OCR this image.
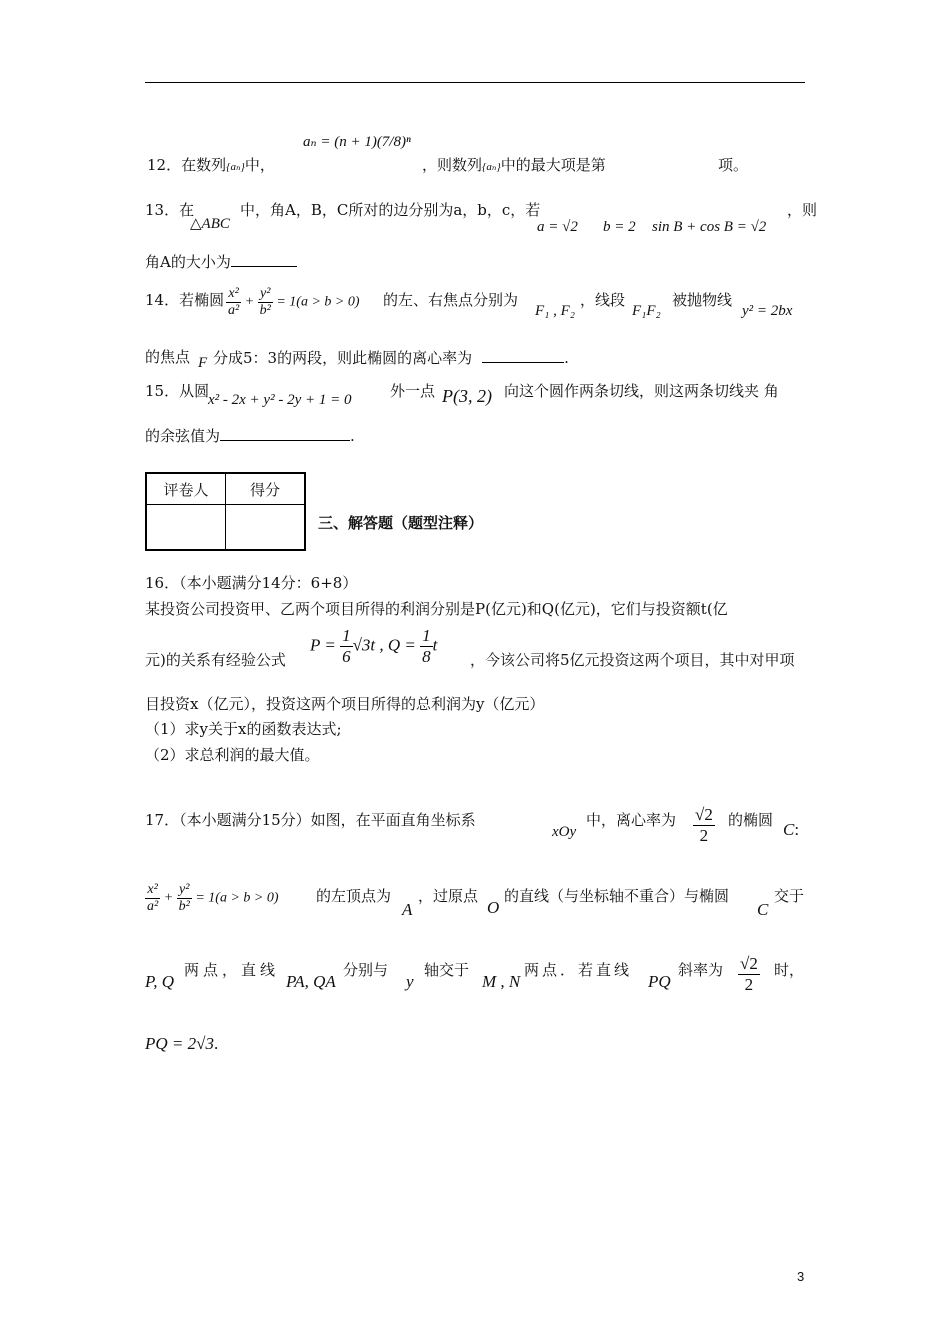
12．在数列{aₙ}中，
aₙ = (n + 1)(7/8)ⁿ
，则数列{aₙ}中的最大项是第	项。
13．在
△ABC
中，角A，B，C所对的边分别为a，b，c，若
a = √2 b = 2 sin B + cos B = √2
，则
角A的大小为
14．若椭圆 $\frac{\text{x²}}{\text{a²}} + \frac{\text{y²}}{\text{b²}} = 1(a > b > 0)$ 的左、右焦点分别为
F₁ , F₂
，线段
F₁F₂
被抛物线
y² = 2bx
的焦点 F 分成5：3的两段，则此椭圆的离心率为	.
15．从圆
x² - 2x + y² - 2y + 1 = 0	外一点 P(3, 2) 向这个圆作两条切线，则这两条切线夹 角
的余弦值为	.
评卷人	得分

三、解答题（题型注释）
16．（本小题满分14分：6+8）
某投资公司投资甲、乙两个项目所得的利润分别是P(亿元)和Q(亿元)，它们与投资额t(亿
元)的关系有经验公式
$P = \frac{1}{6} √3t$ , $Q = \frac{1}{8}$ t
，今该公司将5亿元投资这两个项目，其中对甲项
目投资x（亿元），投资这两个项目所得的总利润为y（亿元）
（1）求y关于x的函数表达式;
（2）求总利润的最大值。
17．（本小题满分15分）如图，在平面直角坐标系
xOy
中，离心率为 $\frac{√2}{2}$ 的椭圆 C:
$\frac{\text{x²}}{\text{a²}} + \frac{\text{y²}}{\text{b²}} = 1(a > b > 0)$ 的左顶点为
A
，过原点
O
的直线（与坐标轴不重合）与椭圆
C
交于
P, Q
两点，直线
PA, QA
分别与
y
轴交于
M , N
两点．若直线
PQ
斜率为 $\frac{√2}{2}$ 时，
PQ = 2√3.
3
